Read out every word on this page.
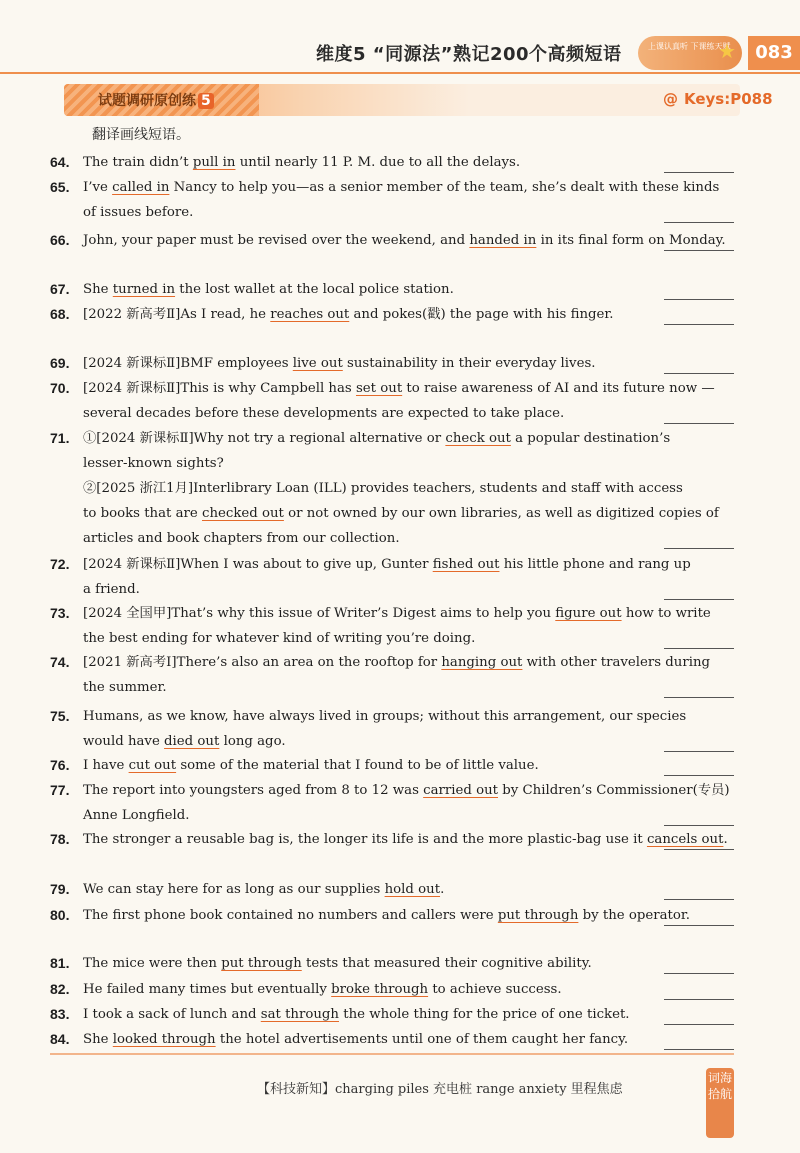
维度5 “同源法”熟记200个高频短语	上课认真听 下课练天赋
★	083
试题调研原创练 5	@ Keys:P088
翻译画线短语。
64.	The train didn’t pull in until nearly 11 P. M. due to all the delays.
65.	I’ve called in Nancy to help you—as a senior member of the team, she’s dealt with these kinds
of issues before.
66.	John, your paper must be revised over the weekend, and handed in in its final form on Monday.
67.	She turned in the lost wallet at the local police station.
68.	[2022 新高考Ⅱ]As I read, he reaches out and pokes(戳) the page with his finger.
69.	[2024 新课标Ⅱ]BMF employees live out sustainability in their everyday lives.
70.	[2024 新课标Ⅱ]This is why Campbell has set out to raise awareness of AI and its future now —
several decades before these developments are expected to take place.
71.	①[2024 新课标Ⅱ]Why not try a regional alternative or check out a popular destination’s
lesser-known sights?
②[2025 浙江1月]Interlibrary Loan (ILL) provides teachers, students and staff with access
to books that are checked out or not owned by our own libraries, as well as digitized copies of
articles and book chapters from our collection.
72.	[2024 新课标Ⅱ]When I was about to give up, Gunter fished out his little phone and rang up
a friend.
73.	[2024 全国甲]That’s why this issue of Writer’s Digest aims to help you figure out how to write
the best ending for whatever kind of writing you’re doing.
74.	[2021 新高考Ⅰ]There’s also an area on the rooftop for hanging out with other travelers during
the summer.
75.	Humans, as we know, have always lived in groups; without this arrangement, our species
would have died out long ago.
76.	I have cut out some of the material that I found to be of little value.
77.	The report into youngsters aged from 8 to 12 was carried out by Children’s Commissioner(专员)
Anne Longfield.
78.	The stronger a reusable bag is, the longer its life is and the more plastic-bag use it cancels out.
79.	We can stay here for as long as our supplies hold out.
80.	The first phone book contained no numbers and callers were put through by the operator.
81.	The mice were then put through tests that measured their cognitive ability.
82.	He failed many times but eventually broke through to achieve success.
83.	I took a sack of lunch and sat through the whole thing for the price of one ticket.
84.	She looked through the hotel advertisements until one of them caught her fancy.
【科技新知】charging piles 充电桩 range anxiety 里程焦虑
词海拾航
